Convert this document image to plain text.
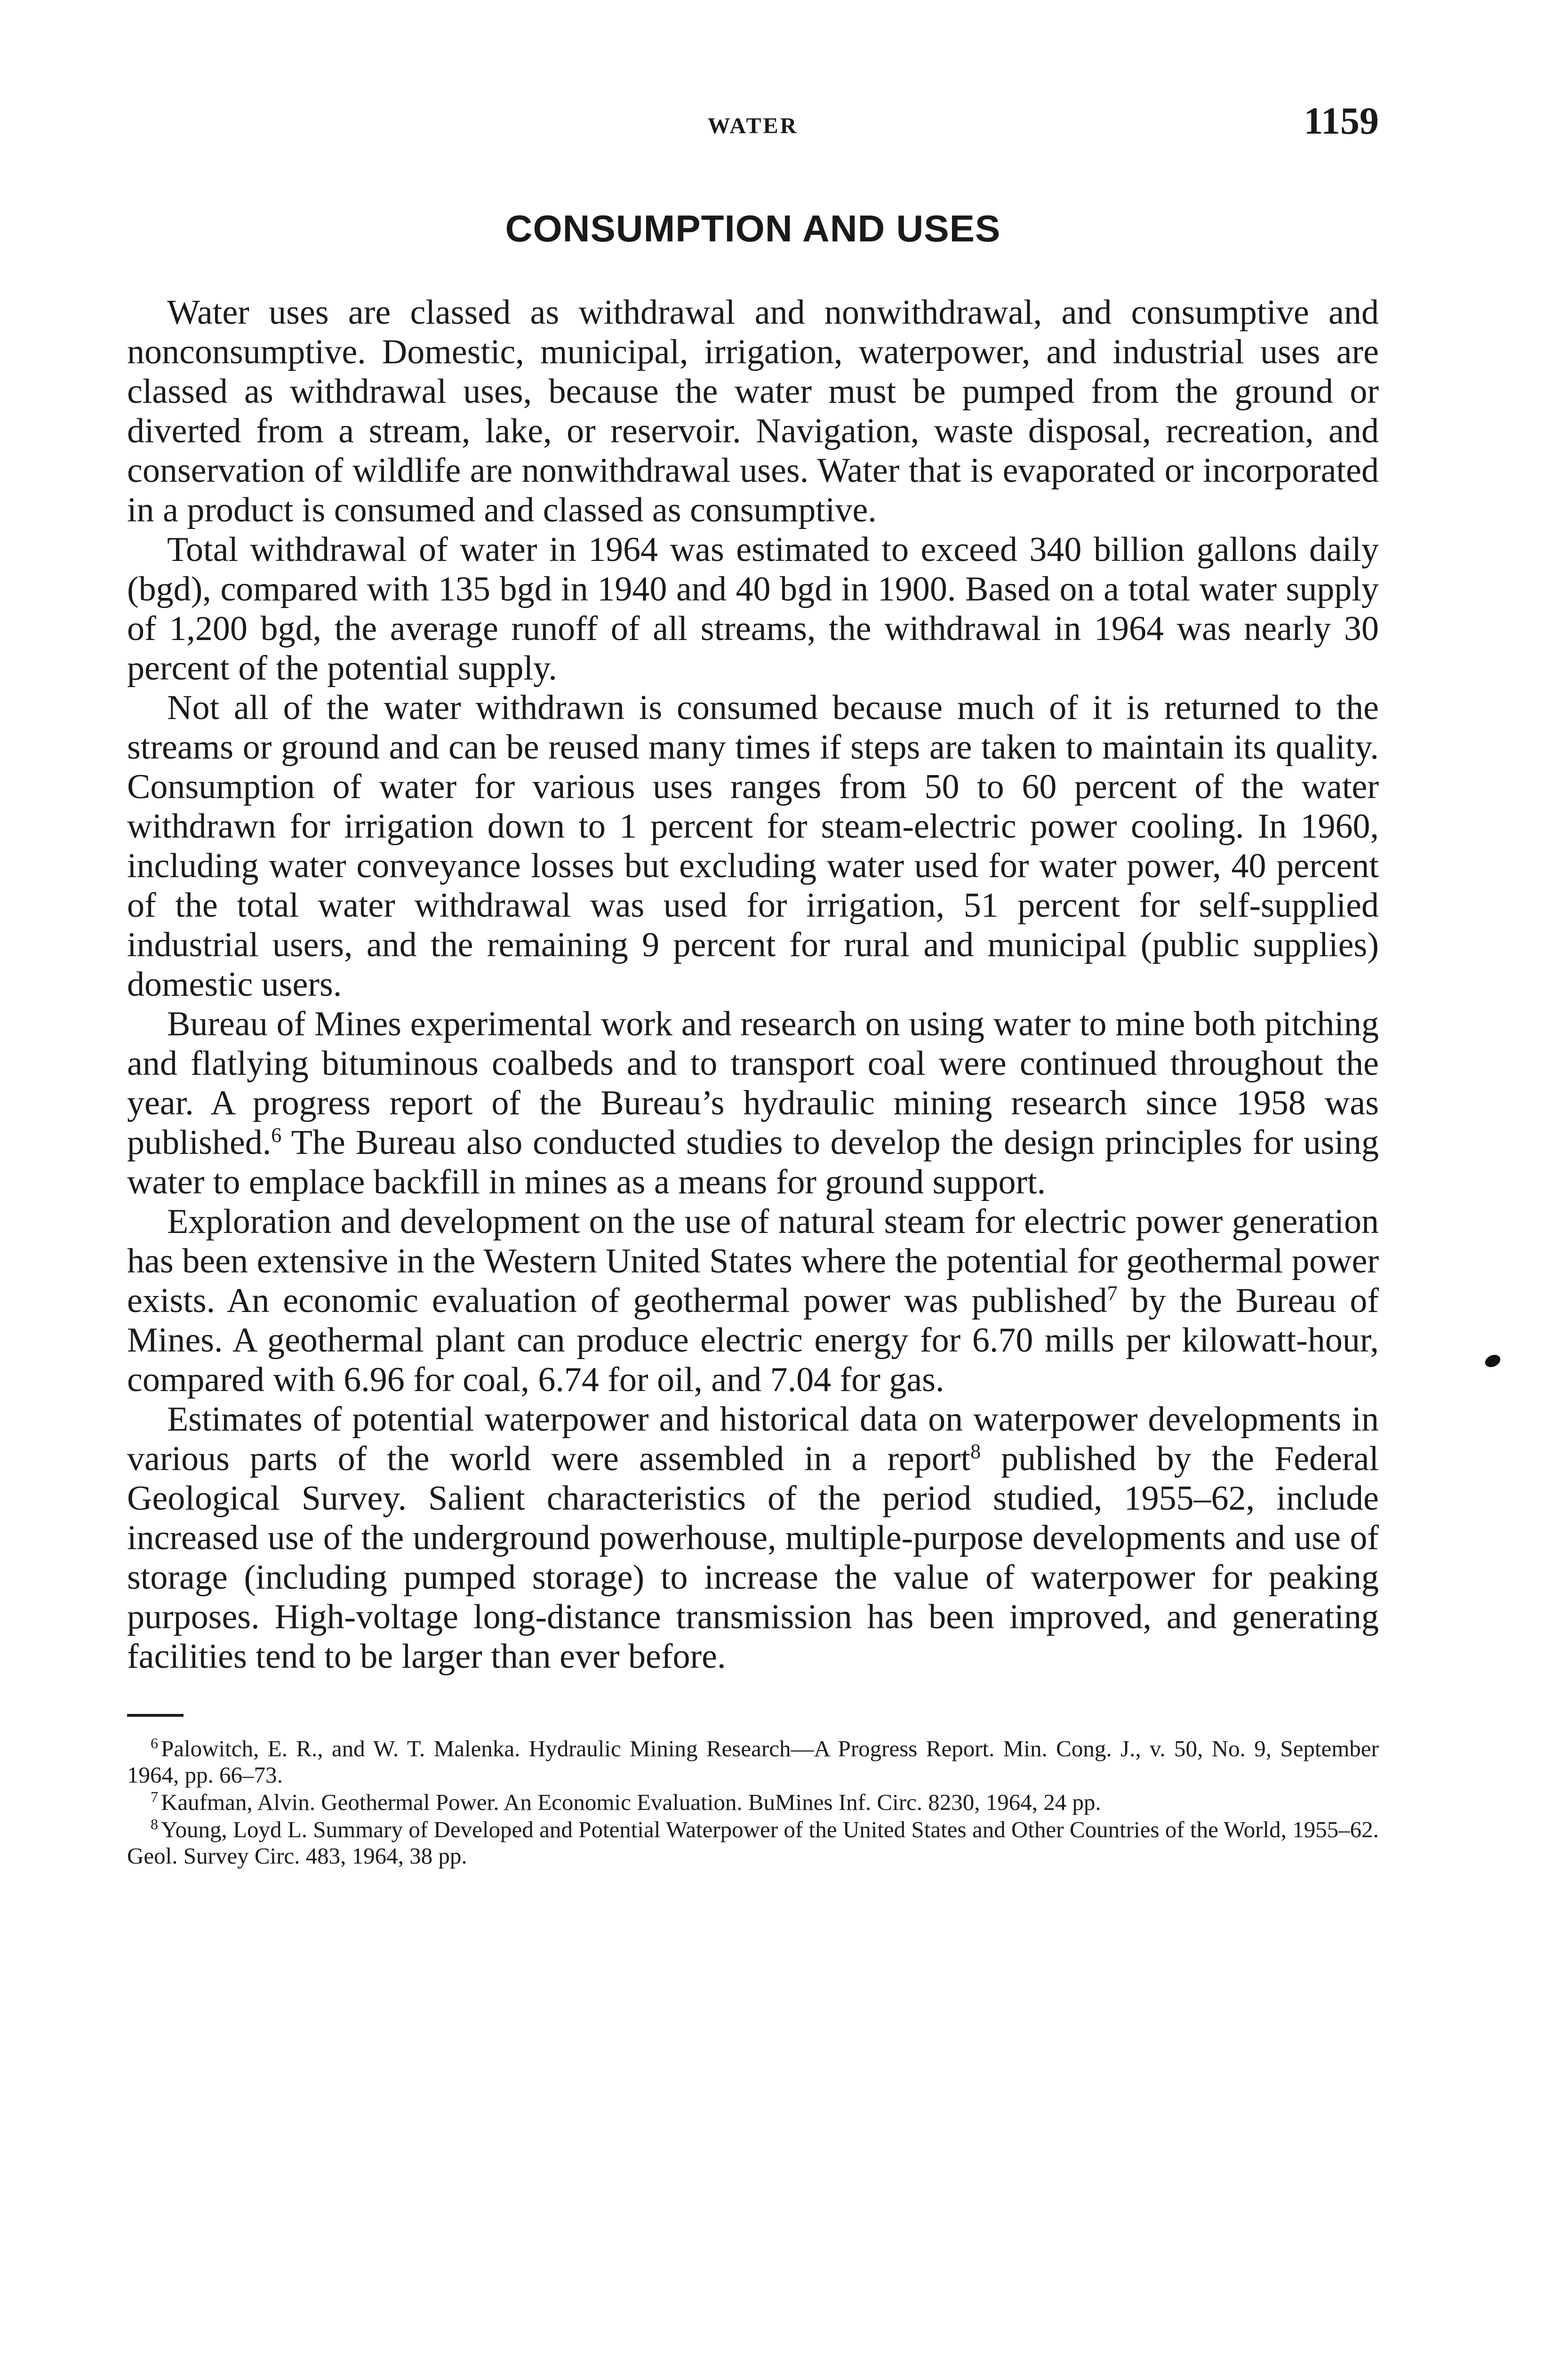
WATER	1159
CONSUMPTION AND USES

Water uses are classed as withdrawal and nonwithdrawal, and consumptive and nonconsumptive. Domestic, municipal, irrigation, waterpower, and industrial uses are classed as withdrawal uses, because the water must be pumped from the ground or diverted from a stream, lake, or reservoir. Navigation, waste disposal, recreation, and conservation of wildlife are nonwithdrawal uses. Water that is evaporated or incorporated in a product is consumed and classed as consumptive.

Total withdrawal of water in 1964 was estimated to exceed 340 billion gallons daily (bgd), compared with 135 bgd in 1940 and 40 bgd in 1900. Based on a total water supply of 1,200 bgd, the average runoff of all streams, the withdrawal in 1964 was nearly 30 percent of the potential supply.

Not all of the water withdrawn is consumed because much of it is returned to the streams or ground and can be reused many times if steps are taken to maintain its quality. Consumption of water for various uses ranges from 50 to 60 percent of the water withdrawn for irrigation down to 1 percent for steam-electric power cooling. In 1960, including water conveyance losses but excluding water used for water power, 40 percent of the total water withdrawal was used for irrigation, 51 percent for self-supplied industrial users, and the remaining 9 percent for rural and municipal (public supplies) domestic users.

Bureau of Mines experimental work and research on using water to mine both pitching and flatlying bituminous coalbeds and to transport coal were continued throughout the year. A progress report of the Bureau’s hydraulic mining research since 1958 was published.$^6$ The Bureau also conducted studies to develop the design principles for using water to emplace backfill in mines as a means for ground support.

Exploration and development on the use of natural steam for electric power generation has been extensive in the Western United States where the potential for geothermal power exists. An economic evaluation of geothermal power was published$^7$ by the Bureau of Mines. A geothermal plant can produce electric energy for 6.70 mills per kilowatt-hour, compared with 6.96 for coal, 6.74 for oil, and 7.04 for gas.

Estimates of potential waterpower and historical data on waterpower developments in various parts of the world were assembled in a report$^8$ published by the Federal Geological Survey. Salient characteristics of the period studied, 1955–62, include increased use of the underground powerhouse, multiple-purpose developments and use of storage (including pumped storage) to increase the value of waterpower for peaking purposes. High-voltage long-distance transmission has been improved, and generating facilities tend to be larger than ever before.

$^6$ Palowitch, E. R., and W. T. Malenka. Hydraulic Mining Research—A Progress Report. Min. Cong. J., v. 50, No. 9, September 1964, pp. 66–73.

$^7$ Kaufman, Alvin. Geothermal Power. An Economic Evaluation. BuMines Inf. Circ. 8230, 1964, 24 pp.

$^8$ Young, Loyd L. Summary of Developed and Potential Waterpower of the United States and Other Countries of the World, 1955–62. Geol. Survey Circ. 483, 1964, 38 pp.
